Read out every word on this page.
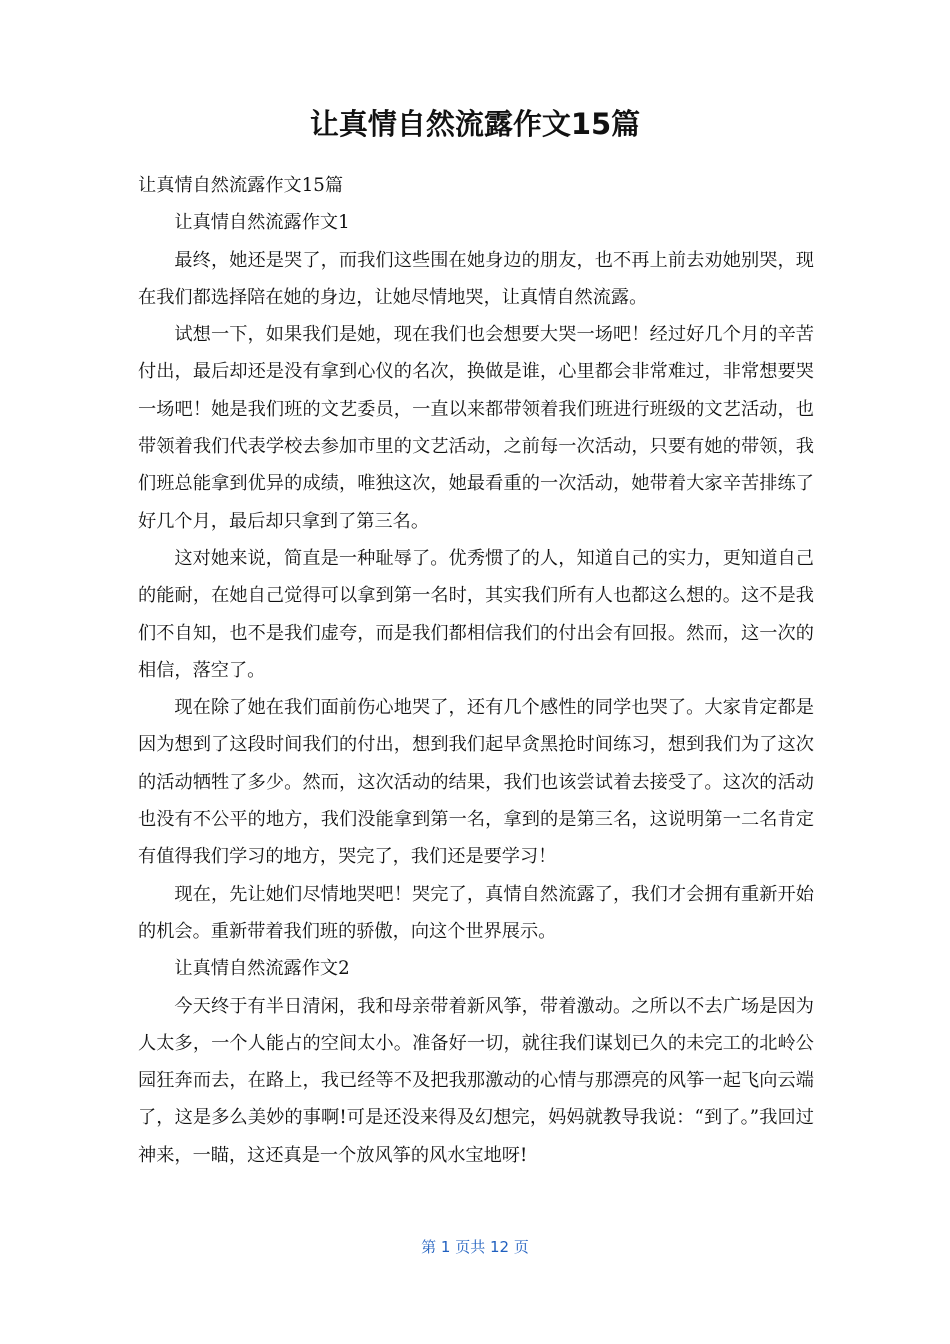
让真情自然流露作文15篇

让真情自然流露作文15篇

让真情自然流露作文1

最终，她还是哭了，而我们这些围在她身边的朋友，也不再上前去劝她别哭，现在我们都选择陪在她的身边，让她尽情地哭，让真情自然流露。

试想一下，如果我们是她，现在我们也会想要大哭一场吧！经过好几个月的辛苦付出，最后却还是没有拿到心仪的名次，换做是谁，心里都会非常难过，非常想要哭一场吧！她是我们班的文艺委员，一直以来都带领着我们班进行班级的文艺活动，也带领着我们代表学校去参加市里的文艺活动，之前每一次活动，只要有她的带领，我们班总能拿到优异的成绩，唯独这次，她最看重的一次活动，她带着大家辛苦排练了好几个月，最后却只拿到了第三名。

这对她来说，简直是一种耻辱了。优秀惯了的人，知道自己的实力，更知道自己的能耐，在她自己觉得可以拿到第一名时，其实我们所有人也都这么想的。这不是我们不自知，也不是我们虚夸，而是我们都相信我们的付出会有回报。然而，这一次的相信，落空了。

现在除了她在我们面前伤心地哭了，还有几个感性的同学也哭了。大家肯定都是因为想到了这段时间我们的付出，想到我们起早贪黑抢时间练习，想到我们为了这次的活动牺牲了多少。然而，这次活动的结果，我们也该尝试着去接受了。这次的活动也没有不公平的地方，我们没能拿到第一名，拿到的是第三名，这说明第一二名肯定有值得我们学习的地方，哭完了，我们还是要学习！

现在，先让她们尽情地哭吧！哭完了，真情自然流露了，我们才会拥有重新开始的机会。重新带着我们班的骄傲，向这个世界展示。

让真情自然流露作文2

今天终于有半日清闲，我和母亲带着新风筝，带着激动。之所以不去广场是因为人太多，一个人能占的空间太小。准备好一切，就往我们谋划已久的未完工的北岭公园狂奔而去，在路上，我已经等不及把我那激动的心情与那漂亮的风筝一起飞向云端了，这是多么美妙的事啊!可是还没来得及幻想完，妈妈就教导我说：“到了。”我回过神来，一瞄，这还真是一个放风筝的风水宝地呀!

第 1 页共 12 页
